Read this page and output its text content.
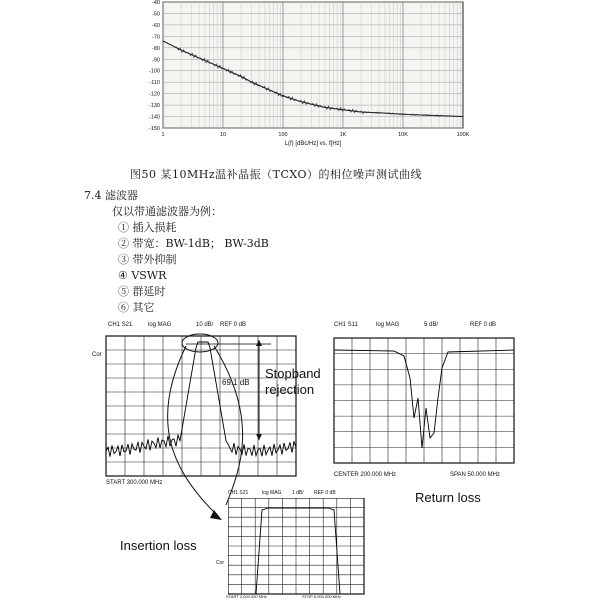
-40
-50
-60
-70
-80
-90
-100
-110
-120
-130
-140
-150
1	10	100	1K	10K	100K
L(f) [dBc/Hz] vs. f[Hz]
图50 某10MHz温补晶振（TCXO）的相位噪声测试曲线
7.4 滤波器
仅以带通滤波器为例：
① 插入损耗
② 带宽：BW-1dB； BW-3dB
③ 带外抑制
④ VSWR
⑤ 群延时
⑥ 其它
CH1 S21	log MAG	10 dB/ REF 0 dB
Cor
START 300.000 MHz
69.1 dB
Stopband
rejection
CH1 S11	log MAG	5 dB/	REF 0 dB
CENTER 200.000 MHz	SPAN 50.000 MHz
Return loss
CH1 S21	log MAG 1 dB/ REF 0 dB
Cor
START 2.000.000 MHz	STOP 6.000.000 MHz
Insertion loss
